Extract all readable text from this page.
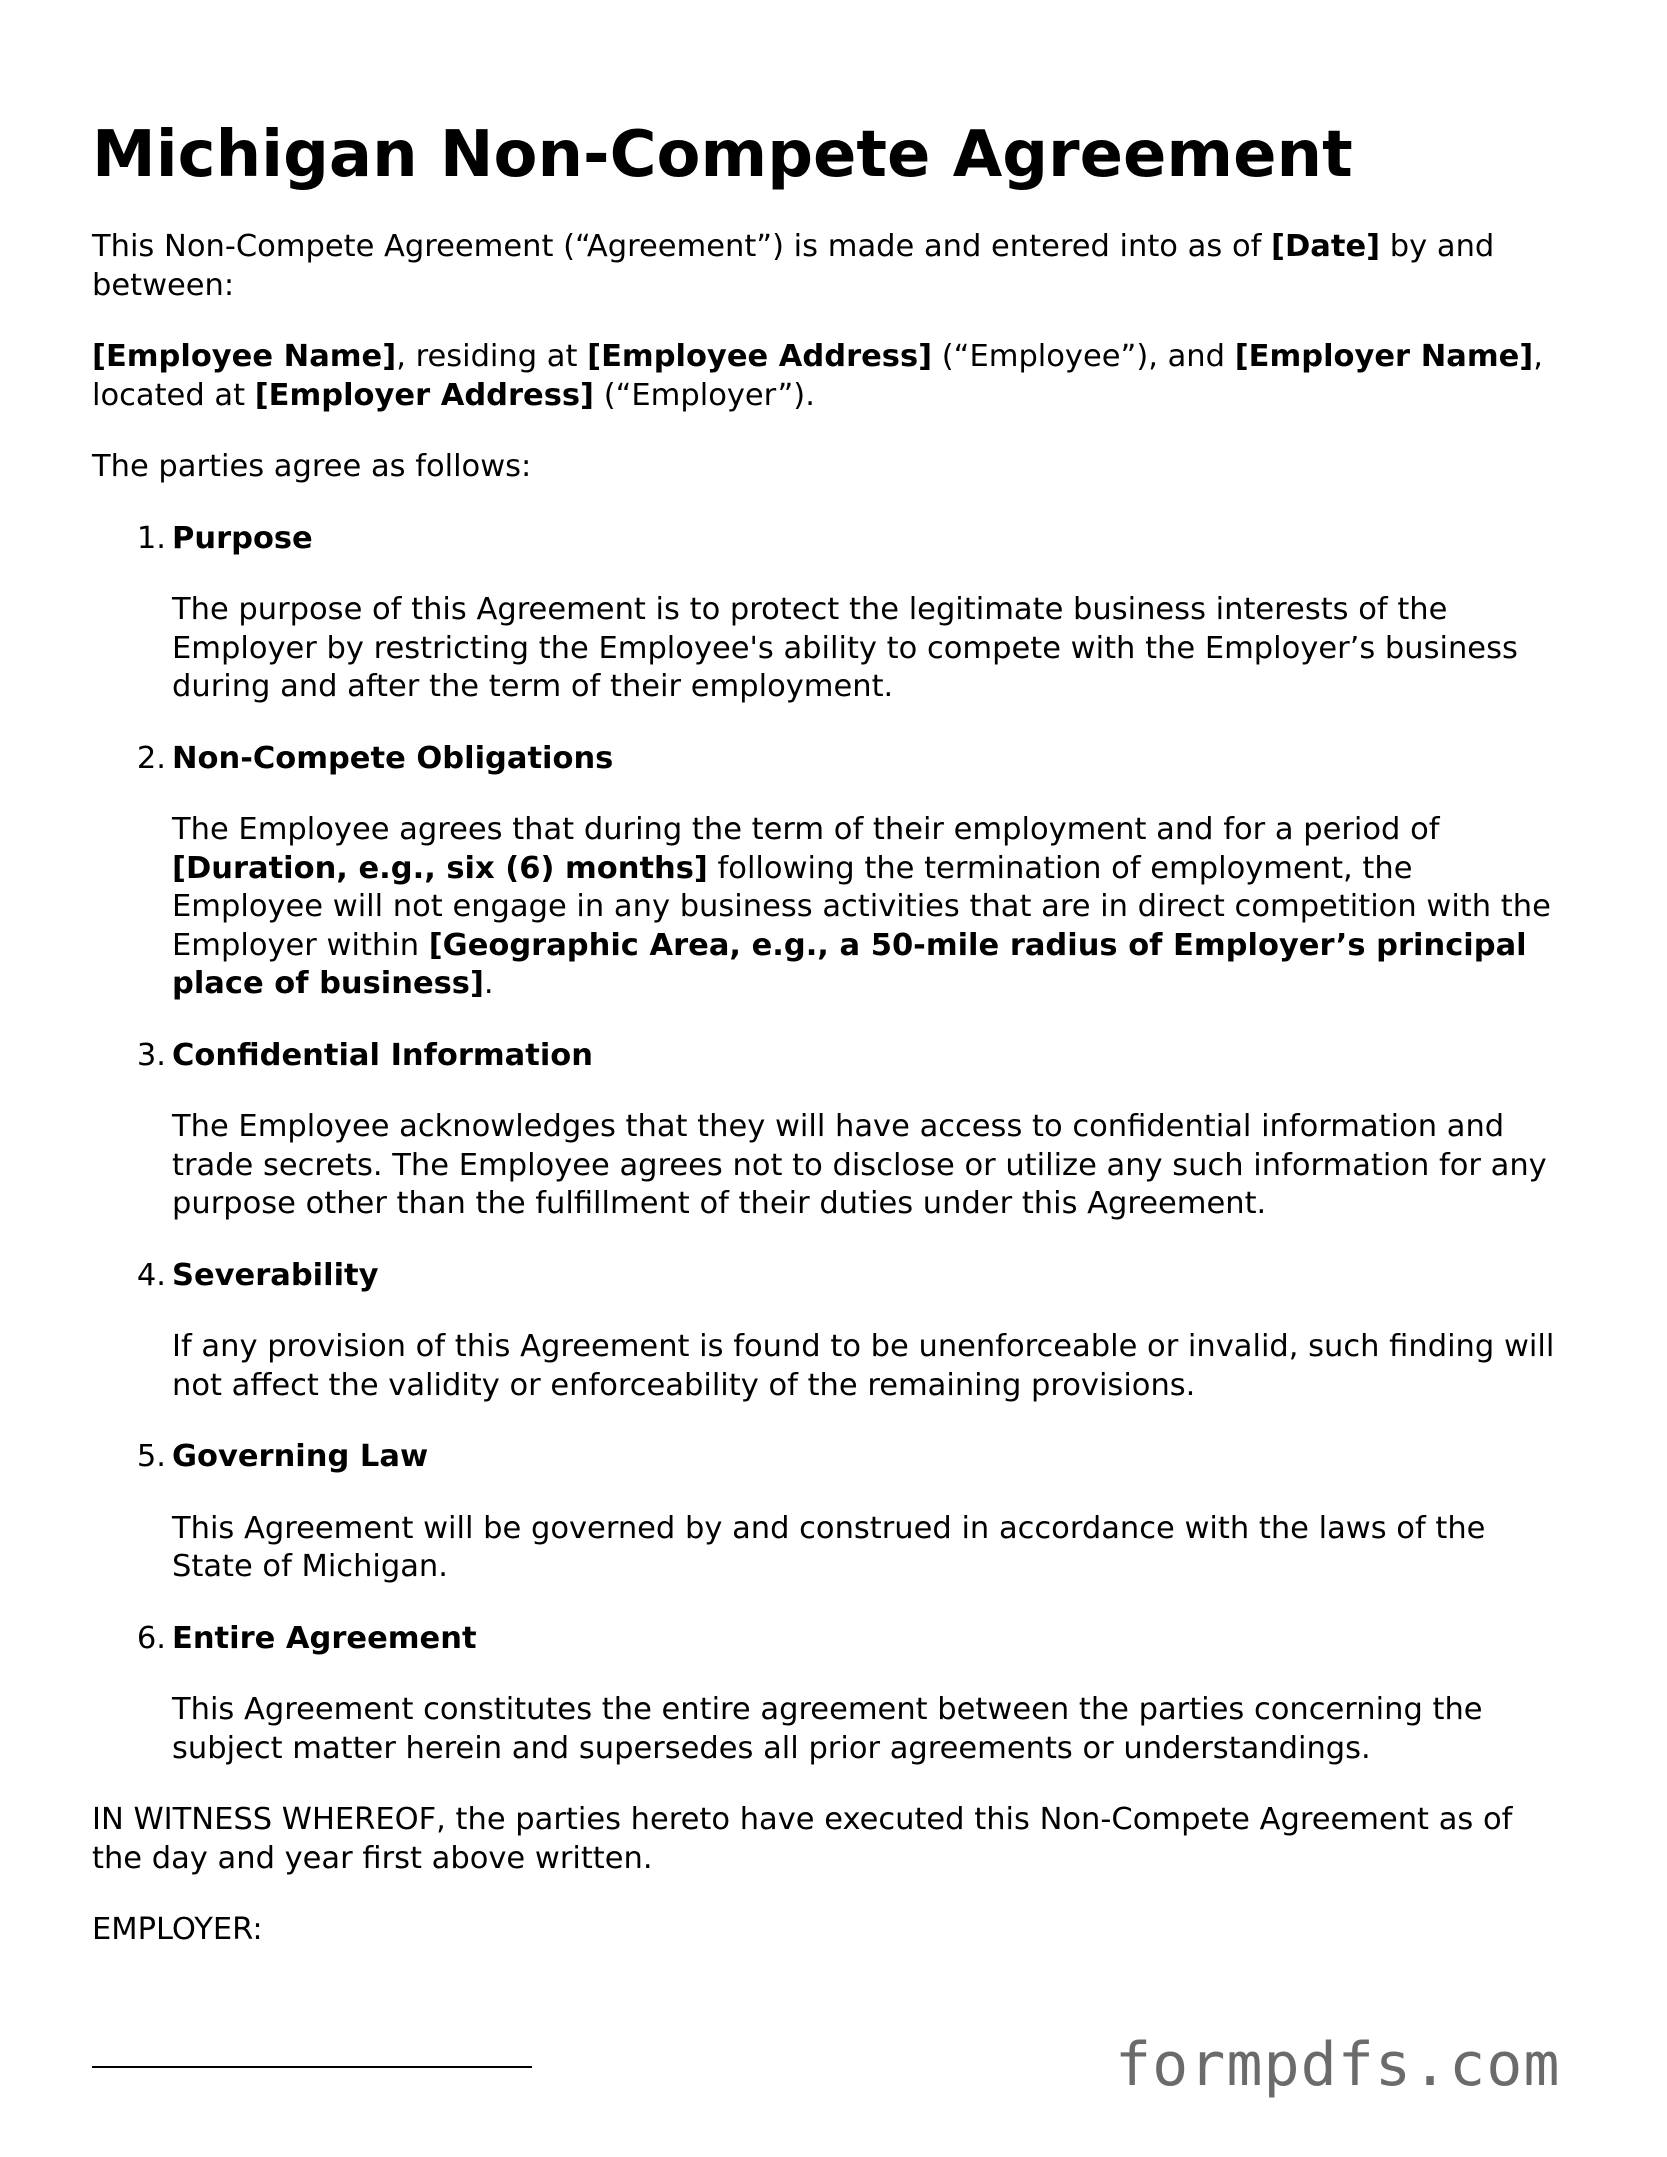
Michigan Non-Compete Agreement

This Non-Compete Agreement (“Agreement”) is made and entered into as of [Date] by and between:

[Employee Name], residing at [Employee Address] (“Employee”), and [Employer Name], located at [Employer Address] (“Employer”).

The parties agree as follows:

1. Purpose

The purpose of this Agreement is to protect the legitimate business interests of the Employer by restricting the Employee's ability to compete with the Employer’s business during and after the term of their employment.

2. Non-Compete Obligations

The Employee agrees that during the term of their employment and for a period of [Duration, e.g., six (6) months] following the termination of employment, the Employee will not engage in any business activities that are in direct competition with the Employer within [Geographic Area, e.g., a 50-mile radius of Employer’s principal place of business].

3. Confidential Information

The Employee acknowledges that they will have access to confidential information and trade secrets. The Employee agrees not to disclose or utilize any such information for any purpose other than the fulfillment of their duties under this Agreement.

4. Severability

If any provision of this Agreement is found to be unenforceable or invalid, such finding will not affect the validity or enforceability of the remaining provisions.

5. Governing Law

This Agreement will be governed by and construed in accordance with the laws of the State of Michigan.

6. Entire Agreement

This Agreement constitutes the entire agreement between the parties concerning the subject matter herein and supersedes all prior agreements or understandings.

IN WITNESS WHEREOF, the parties hereto have executed this Non-Compete Agreement as of the day and year first above written.

EMPLOYER:

formpdfs.com
